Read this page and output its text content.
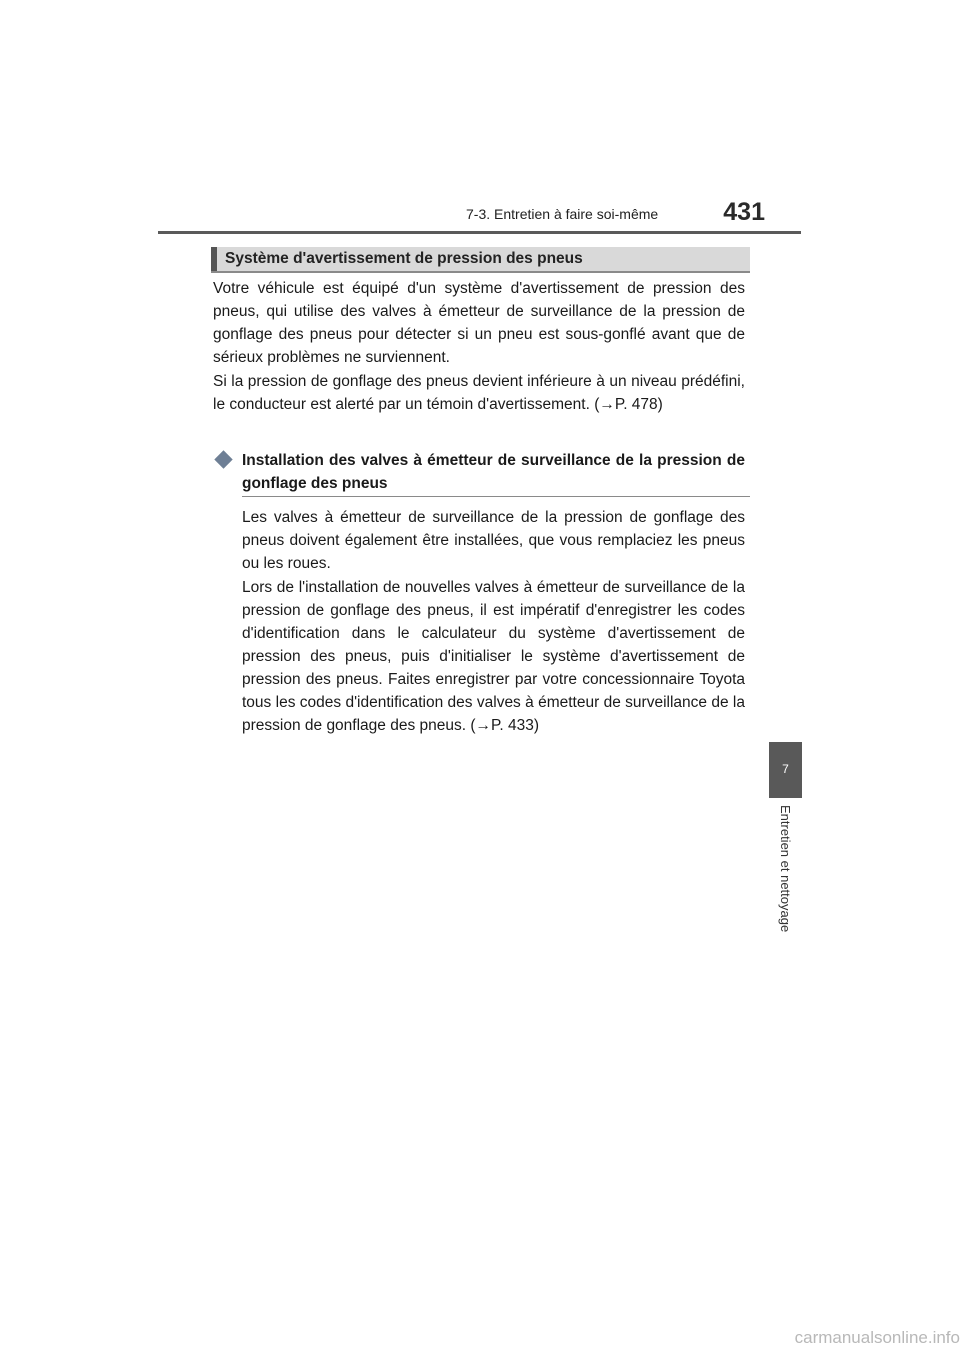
7-3. Entretien à faire soi-même	431
Système d'avertissement de pression des pneus

Votre véhicule est équipé d'un système d'avertissement de pression des pneus, qui utilise des valves à émetteur de surveillance de la pression de gonflage des pneus pour détecter si un pneu est sous-gonflé avant que de sérieux problèmes ne surviennent.

Si la pression de gonflage des pneus devient inférieure à un niveau prédéfini, le conducteur est alerté par un témoin d'avertissement. (→P. 478)

Installation des valves à émetteur de surveillance de la pression de gonflage des pneus

Les valves à émetteur de surveillance de la pression de gonflage des pneus doivent également être installées, que vous remplaciez les pneus ou les roues.

Lors de l'installation de nouvelles valves à émetteur de surveillance de la pression de gonflage des pneus, il est impératif d'enregistrer les codes d'identification dans le calculateur du système d'avertissement de pression des pneus, puis d'initialiser le système d'avertissement de pression des pneus. Faites enregistrer par votre concessionnaire Toyota tous les codes d'identification des valves à émetteur de surveillance de la pression de gonflage des pneus. (→P. 433)

7
Entretien et nettoyage
carmanualsonline.info
